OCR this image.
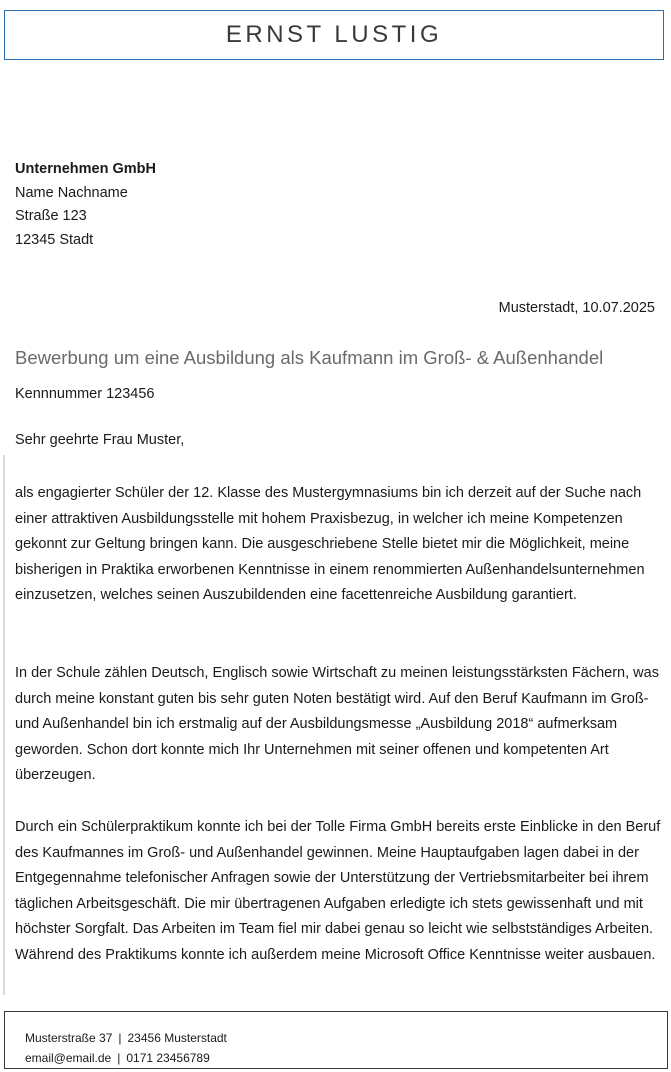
ERNST LUSTIG
Unternehmen GmbH
Name Nachname
Straße 123
12345 Stadt
Musterstadt, 10.07.2025
Bewerbung um eine Ausbildung als Kaufmann im Groß- & Außenhandel
Kennnummer 123456
Sehr geehrte Frau Muster,

als engagierter Schüler der 12. Klasse des Mustergymnasiums bin ich derzeit auf der Suche nach einer attraktiven Ausbildungsstelle mit hohem Praxisbezug, in welcher ich meine Kompetenzen gekonnt zur Geltung bringen kann. Die ausgeschriebene Stelle bietet mir die Möglichkeit, meine bisherigen in Praktika erworbenen Kenntnisse in einem renommierten Außenhandelsunternehmen einzusetzen, welches seinen Auszubildenden eine facettenreiche Ausbildung garantiert.

In der Schule zählen Deutsch, Englisch sowie Wirtschaft zu meinen leistungsstärksten Fächern, was durch meine konstant guten bis sehr guten Noten bestätigt wird. Auf den Beruf Kaufmann im Groß- und Außenhandel bin ich erstmalig auf der Ausbildungsmesse „Ausbildung 2018“ aufmerksam geworden. Schon dort konnte mich Ihr Unternehmen mit seiner offenen und kompetenten Art überzeugen.

Durch ein Schülerpraktikum konnte ich bei der Tolle Firma GmbH bereits erste Einblicke in den Beruf des Kaufmannes im Groß- und Außenhandel gewinnen. Meine Hauptaufgaben lagen dabei in der Entgegennahme telefonischer Anfragen sowie der Unterstützung der Vertriebsmitarbeiter bei ihrem täglichen Arbeitsgeschäft. Die mir übertragenen Aufgaben erledigte ich stets gewissenhaft und mit höchster Sorgfalt. Das Arbeiten im Team fiel mir dabei genau so leicht wie selbstständiges Arbeiten. Während des Praktikums konnte ich außerdem meine Microsoft Office Kenntnisse weiter ausbauen.

Musterstraße 37 | 23456 Musterstadt
email@email.de | 0171 23456789
